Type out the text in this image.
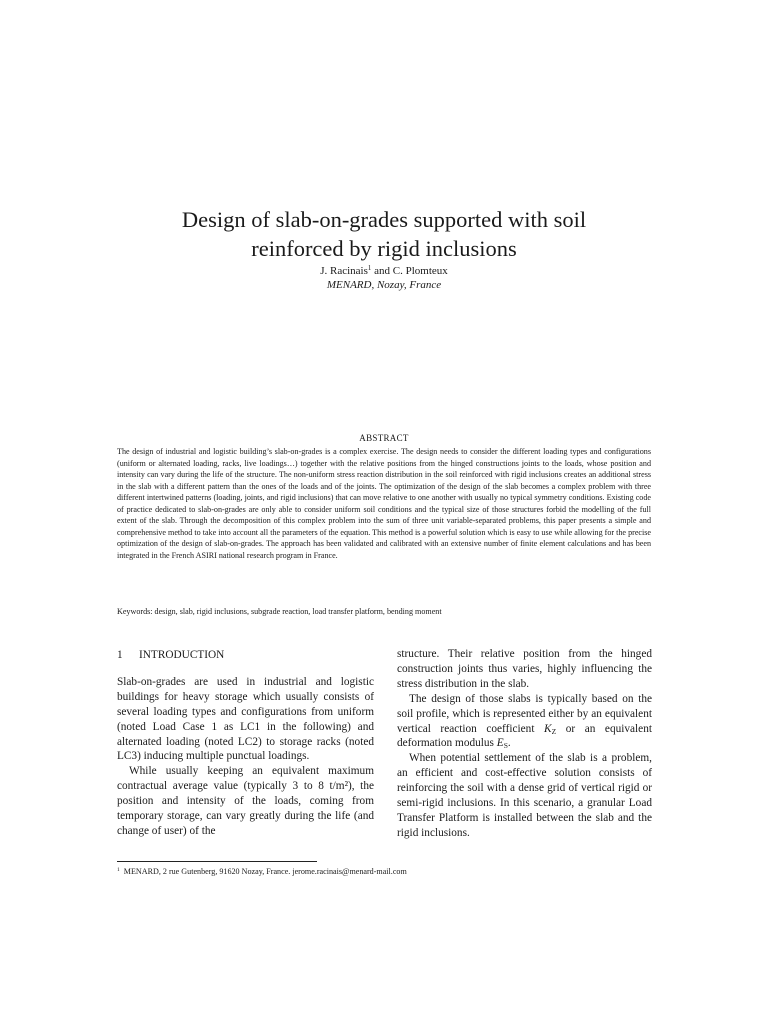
Design of slab-on-grades supported with soil
reinforced by rigid inclusions
J. Racinais$^1$ and C. Plomteux
MENARD, Nozay, France
ABSTRACT

The design of industrial and logistic building’s slab-on-grades is a complex exercise. The design needs to consider the different loading types and configurations (uniform or alternated loading, racks, live loadings…) together with the relative positions from the hinged constructions joints to the loads, whose position and intensity can vary during the life of the structure. The non-uniform stress reaction distribution in the soil reinforced with rigid inclusions creates an additional stress in the slab with a different pattern than the ones of the loads and of the joints. The optimization of the design of the slab becomes a complex problem with three different intertwined patterns (loading, joints, and rigid inclusions) that can move relative to one another with usually no typical symmetry conditions. Existing code of practice dedicated to slab-on-grades are only able to consider uniform soil conditions and the typical size of those structures forbid the modelling of the full extent of the slab. Through the decomposition of this complex problem into the sum of three unit variable-separated problems, this paper presents a simple and comprehensive method to take into account all the parameters of the equation. This method is a powerful solution which is easy to use while allowing for the precise optimization of the design of slab-on-grades. The approach has been validated and calibrated with an extensive number of finite element calculations and has been integrated in the French ASIRI national research program in France.

Keywords: design, slab, rigid inclusions, subgrade reaction, load transfer platform, bending moment

1 INTRODUCTION

Slab-on-grades are used in industrial and logistic buildings for heavy storage which usually consists of several loading types and configurations from uniform (noted Load Case 1 as LC1 in the following) and alternated loading (noted LC2) to storage racks (noted LC3) inducing multiple punctual loadings.

While usually keeping an equivalent maximum contractual average value (typically 3 to 8 t/m²), the position and intensity of the loads, coming from temporary storage, can vary greatly during the life (and change of user) of the

structure. Their relative position from the hinged construction joints thus varies, highly influencing the stress distribution in the slab.

The design of those slabs is typically based on the soil profile, which is represented either by an equivalent vertical reaction coefficient $K_Z$ or an equivalent deformation modulus $E_S$.

When potential settlement of the slab is a problem, an efficient and cost-effective solution consists of reinforcing the soil with a dense grid of vertical rigid or semi-rigid inclusions. In this scenario, a granular Load Transfer Platform is installed between the slab and the rigid inclusions.

$^1$ MENARD, 2 rue Gutenberg, 91620 Nozay, France. jerome.racinais@menard-mail.com
